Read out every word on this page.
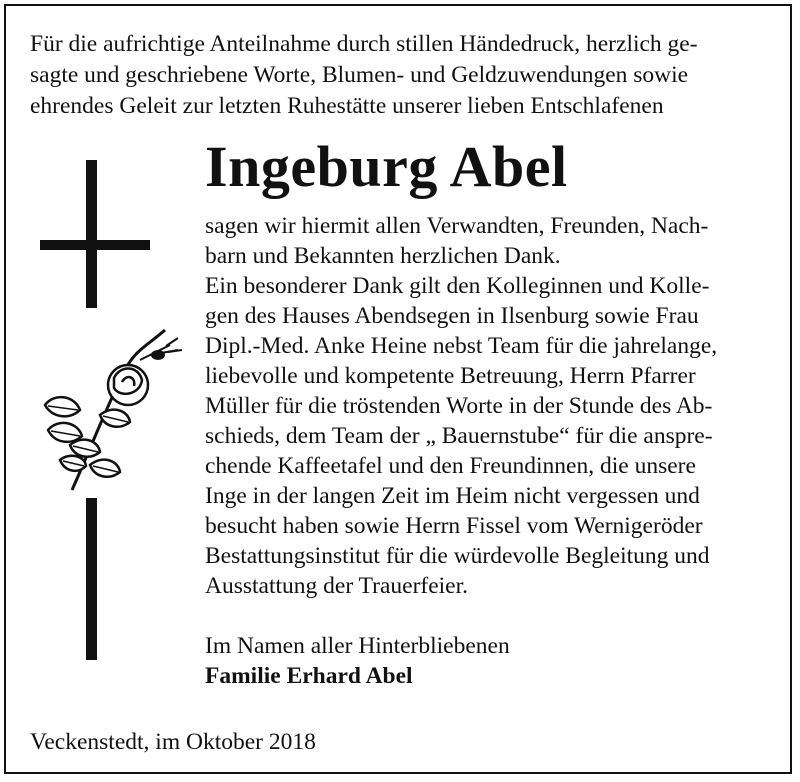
Für die aufrichtige Anteilnahme durch stillen Händedruck, herzlich ge-
sagte und geschriebene Worte, Blumen- und Geldzuwendungen sowie
ehrendes Geleit zur letzten Ruhestätte unserer lieben Entschlafenen
Ingeburg Abel
sagen wir hiermit allen Verwandten, Freunden, Nach-
barn und Bekannten herzlichen Dank.
Ein besonderer Dank gilt den Kolleginnen und Kolle-
gen des Hauses Abendsegen in Ilsenburg sowie Frau
Dipl.-Med. Anke Heine nebst Team für die jahrelange,
liebevolle und kompetente Betreuung, Herrn Pfarrer
Müller für die tröstenden Worte in der Stunde des Ab-
schieds, dem Team der „ Bauernstube“ für die anspre-
chende Kaffeetafel und den Freundinnen, die unsere
Inge in der langen Zeit im Heim nicht vergessen und
besucht haben sowie Herrn Fissel vom Wernigeröder
Bestattungsinstitut für die würdevolle Begleitung und
Ausstattung der Trauerfeier.
Im Namen aller Hinterbliebenen
Familie Erhard Abel
Veckenstedt, im Oktober 2018
